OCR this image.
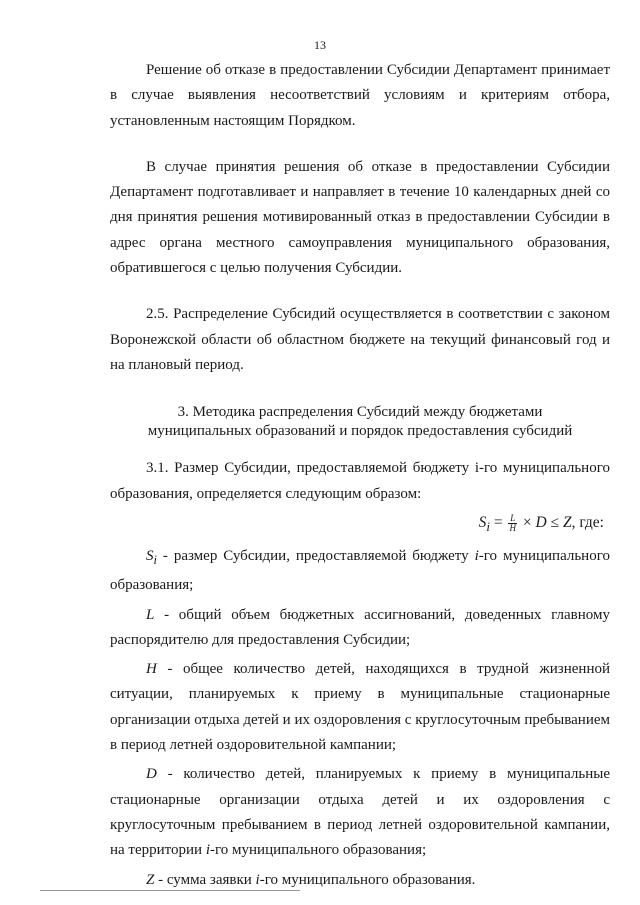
13

Решение об отказе в предоставлении Субсидии Департамент принимает в случае выявления несоответствий условиям и критериям отбора, установленным настоящим Порядком.

В случае принятия решения об отказе в предоставлении Субсидии Департамент подготавливает и направляет в течение 10 календарных дней со дня принятия решения мотивированный отказ в предоставлении Субсидии в адрес органа местного самоуправления муниципального образования, обратившегося с целью получения Субсидии.

2.5. Распределение Субсидий осуществляется в соответствии с законом Воронежской области об областном бюджете на текущий финансовый год и на плановый период.

3. Методика распределения Субсидий между бюджетами
муниципальных образований и порядок предоставления субсидий

3.1. Размер Субсидии, предоставляемой бюджету i-го муниципального образования, определяется следующим образом:

$S_i = \frac{L}{H} \times D \le Z$, где:

$S_i$ - размер Субсидии, предоставляемой бюджету i-го муниципального образования;

L - общий объем бюджетных ассигнований, доведенных главному распорядителю для предоставления Субсидии;

H - общее количество детей, находящихся в трудной жизненной ситуации, планируемых к приему в муниципальные стационарные организации отдыха детей и их оздоровления с круглосуточным пребыванием в период летней оздоровительной кампании;

D - количество детей, планируемых к приему в муниципальные стационарные организации отдыха детей и их оздоровления с круглосуточным пребыванием в период летней оздоровительной кампании, на территории i-го муниципального образования;

Z - сумма заявки i-го муниципального образования.
